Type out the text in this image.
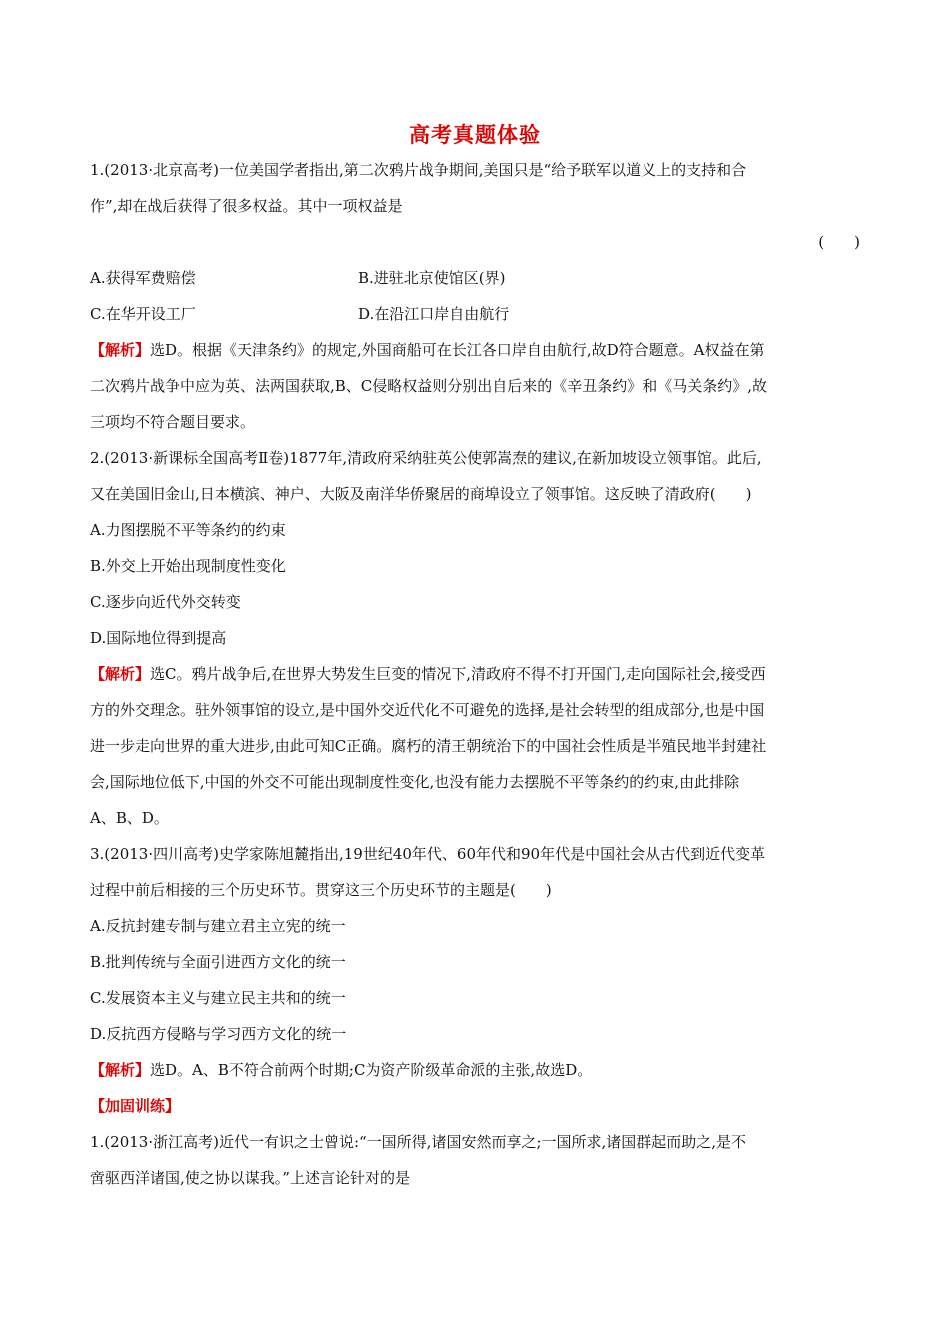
高考真题体验

1.(2013·北京高考)一位美国学者指出,第二次鸦片战争期间,美国只是“给予联军以道义上的支持和合

作”,却在战后获得了很多权益。其中一项权益是

(　　)

A.获得军费赔偿	B.进驻北京使馆区(界)
C.在华开设工厂	D.在沿江口岸自由航行

【解析】选D。根据《天津条约》的规定,外国商船可在长江各口岸自由航行,故D符合题意。A权益在第

二次鸦片战争中应为英、法两国获取,B、C侵略权益则分别出自后来的《辛丑条约》和《马关条约》,故

三项均不符合题目要求。

2.(2013·新课标全国高考Ⅱ卷)1877年,清政府采纳驻英公使郭嵩焘的建议,在新加坡设立领事馆。此后,

又在美国旧金山,日本横滨、神户、大阪及南洋华侨聚居的商埠设立了领事馆。这反映了清政府(　　)

A.力图摆脱不平等条约的约束

B.外交上开始出现制度性变化

C.逐步向近代外交转变

D.国际地位得到提高

【解析】选C。鸦片战争后,在世界大势发生巨变的情况下,清政府不得不打开国门,走向国际社会,接受西

方的外交理念。驻外领事馆的设立,是中国外交近代化不可避免的选择,是社会转型的组成部分,也是中国

进一步走向世界的重大进步,由此可知C正确。腐朽的清王朝统治下的中国社会性质是半殖民地半封建社

会,国际地位低下,中国的外交不可能出现制度性变化,也没有能力去摆脱不平等条约的约束,由此排除

A、B、D。

3.(2013·四川高考)史学家陈旭麓指出,19世纪40年代、60年代和90年代是中国社会从古代到近代变革

过程中前后相接的三个历史环节。贯穿这三个历史环节的主题是(　　)

A.反抗封建专制与建立君主立宪的统一

B.批判传统与全面引进西方文化的统一

C.发展资本主义与建立民主共和的统一

D.反抗西方侵略与学习西方文化的统一

【解析】选D。A、B不符合前两个时期;C为资产阶级革命派的主张,故选D。

【加固训练】

1.(2013·浙江高考)近代一有识之士曾说:“一国所得,诸国安然而享之;一国所求,诸国群起而助之,是不

啻驱西洋诸国,使之协以谋我。”上述言论针对的是
